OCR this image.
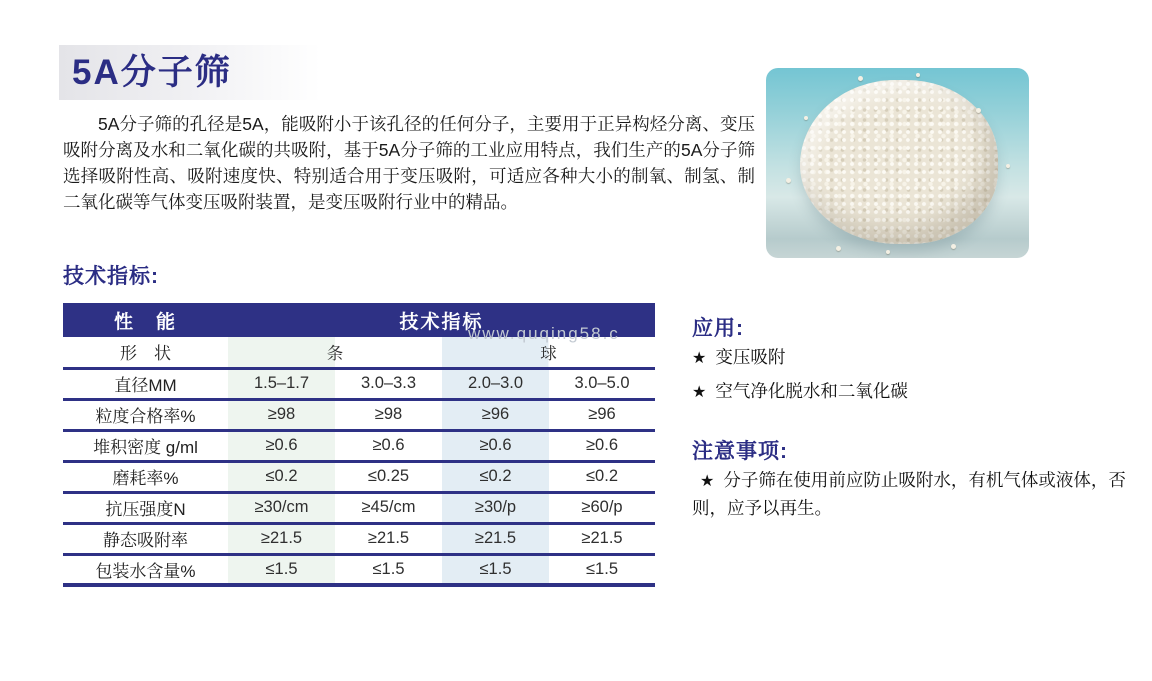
5A分子筛

5A分子筛的孔径是5A，能吸附小于该孔径的任何分子，主要用于正异构烃分离、变压吸附分离及水和二氧化碳的共吸附，基于5A分子筛的工业应用特点，我们生产的5A分子筛选择吸附性高、吸附速度快、特别适合用于变压吸附，可适应各种大小的制氧、制氢、制二氧化碳等气体变压吸附装置，是变压吸附行业中的精品。

技术指标:
性　能	技术指标			
形　状	条		球	
直径MM	1.5–1.7	3.0–3.3	2.0–3.0	3.0–5.0
粒度合格率%	≥98	≥98	≥96	≥96
堆积密度 g/ml	≥0.6	≥0.6	≥0.6	≥0.6
磨耗率%	≤0.2	≤0.25	≤0.2	≤0.2
抗压强度N	≥30/cm	≥45/cm	≥30/p	≥60/p
静态吸附率	≥21.5	≥21.5	≥21.5	≥21.5
包装水含量%	≤1.5	≤1.5	≤1.5	≤1.5
www.quqing58.c	应用:
★ 变压吸附
★ 空气净化脱水和二氧化碳
注意事项:

★ 分子筛在使用前应防止吸附水，有机气体或液体，否则，应予以再生。
